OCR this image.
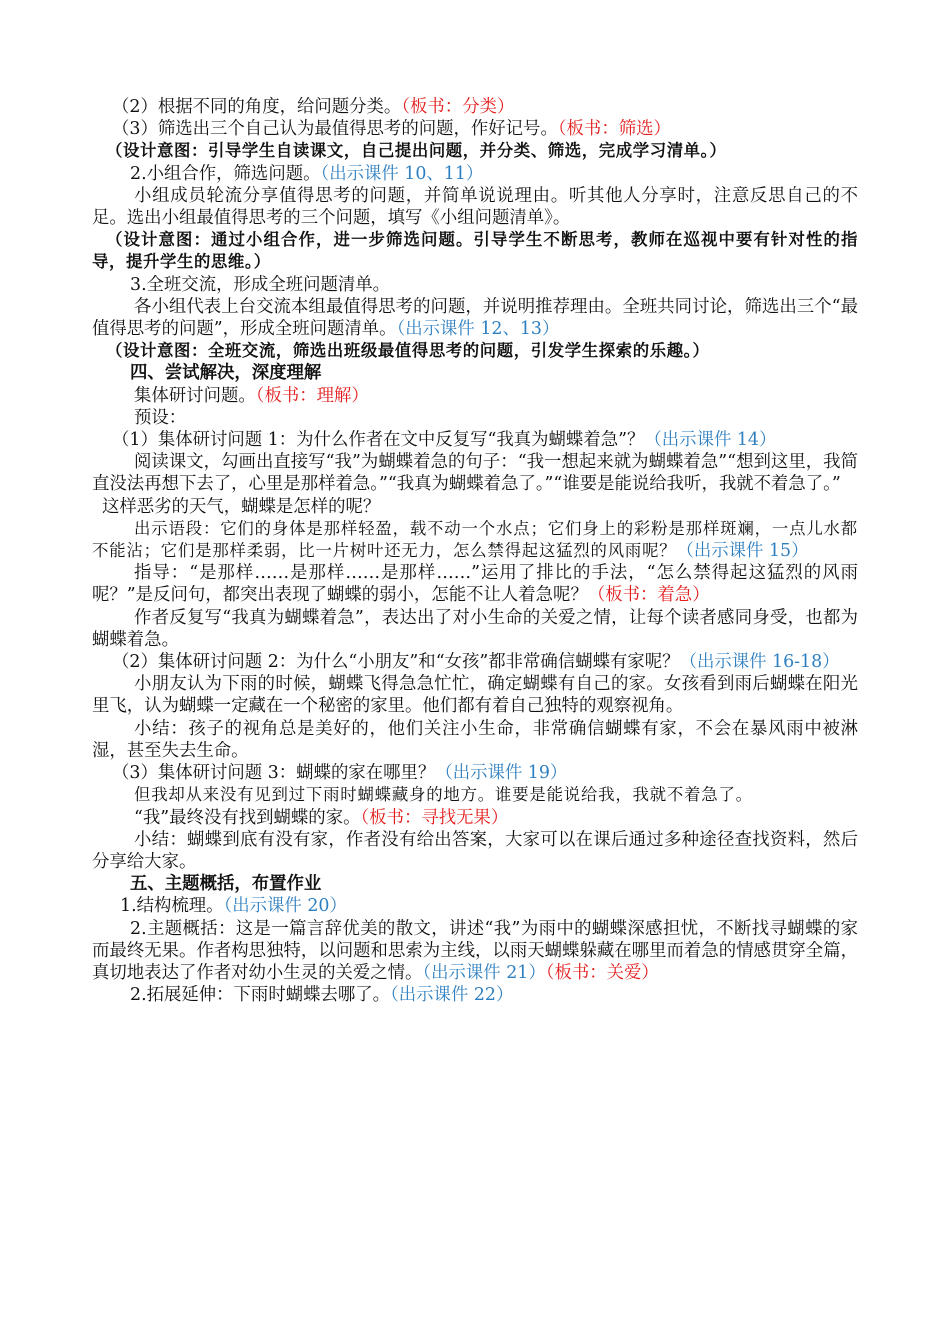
（2）根据不同的角度，给问题分类。（板书：分类）

（3）筛选出三个自己认为最值得思考的问题，作好记号。（板书：筛选）

（设计意图：引导学生自读课文，自己提出问题，并分类、筛选，完成学习清单。）

2.小组合作，筛选问题。（出示课件 10、11）

小组成员轮流分享值得思考的问题，并简单说说理由。听其他人分享时，注意反思自己的不足。选出小组最值得思考的三个问题，填写《小组问题清单》。

（设计意图：通过小组合作，进一步筛选问题。引导学生不断思考，教师在巡视中要有针对性的指导，提升学生的思维。）

3.全班交流，形成全班问题清单。

各小组代表上台交流本组最值得思考的问题，并说明推荐理由。全班共同讨论，筛选出三个“最值得思考的问题”，形成全班问题清单。（出示课件 12、13）

（设计意图：全班交流，筛选出班级最值得思考的问题，引发学生探索的乐趣。）

四、尝试解决，深度理解

集体研讨问题。（板书：理解）

预设：

（1）集体研讨问题 1：为什么作者在文中反复写“我真为蝴蝶着急”？（出示课件 14）

阅读课文，勾画出直接写“我”为蝴蝶着急的句子：“我一想起来就为蝴蝶着急”“想到这里，我简直没法再想下去了，心里是那样着急。”“我真为蝴蝶着急了。”“谁要是能说给我听，我就不着急了。”

这样恶劣的天气，蝴蝶是怎样的呢？

出示语段：它们的身体是那样轻盈，载不动一个水点；它们身上的彩粉是那样斑斓，一点儿水都不能沾；它们是那样柔弱，比一片树叶还无力，怎么禁得起这猛烈的风雨呢？（出示课件 15）

指导：“是那样……是那样……是那样……”运用了排比的手法，“怎么禁得起这猛烈的风雨呢？”是反问句，都突出表现了蝴蝶的弱小，怎能不让人着急呢？（板书：着急）

作者反复写“我真为蝴蝶着急”，表达出了对小生命的关爱之情，让每个读者感同身受，也都为蝴蝶着急。

（2）集体研讨问题 2：为什么“小朋友”和“女孩”都非常确信蝴蝶有家呢？（出示课件 16-18）

小朋友认为下雨的时候，蝴蝶飞得急急忙忙，确定蝴蝶有自己的家。女孩看到雨后蝴蝶在阳光里飞，认为蝴蝶一定藏在一个秘密的家里。他们都有着自己独特的观察视角。

小结：孩子的视角总是美好的，他们关注小生命，非常确信蝴蝶有家，不会在暴风雨中被淋湿，甚至失去生命。

（3）集体研讨问题 3：蝴蝶的家在哪里？（出示课件 19）

但我却从来没有见到过下雨时蝴蝶藏身的地方。谁要是能说给我，我就不着急了。

“我”最终没有找到蝴蝶的家。（板书：寻找无果）

小结：蝴蝶到底有没有家，作者没有给出答案，大家可以在课后通过多种途径查找资料，然后分享给大家。

五、主题概括，布置作业

1.结构梳理。（出示课件 20）

2.主题概括：这是一篇言辞优美的散文，讲述“我”为雨中的蝴蝶深感担忧，不断找寻蝴蝶的家而最终无果。作者构思独特，以问题和思索为主线，以雨天蝴蝶躲藏在哪里而着急的情感贯穿全篇，真切地表达了作者对幼小生灵的关爱之情。（出示课件 21）（板书：关爱）

2.拓展延伸：下雨时蝴蝶去哪了。（出示课件 22）
